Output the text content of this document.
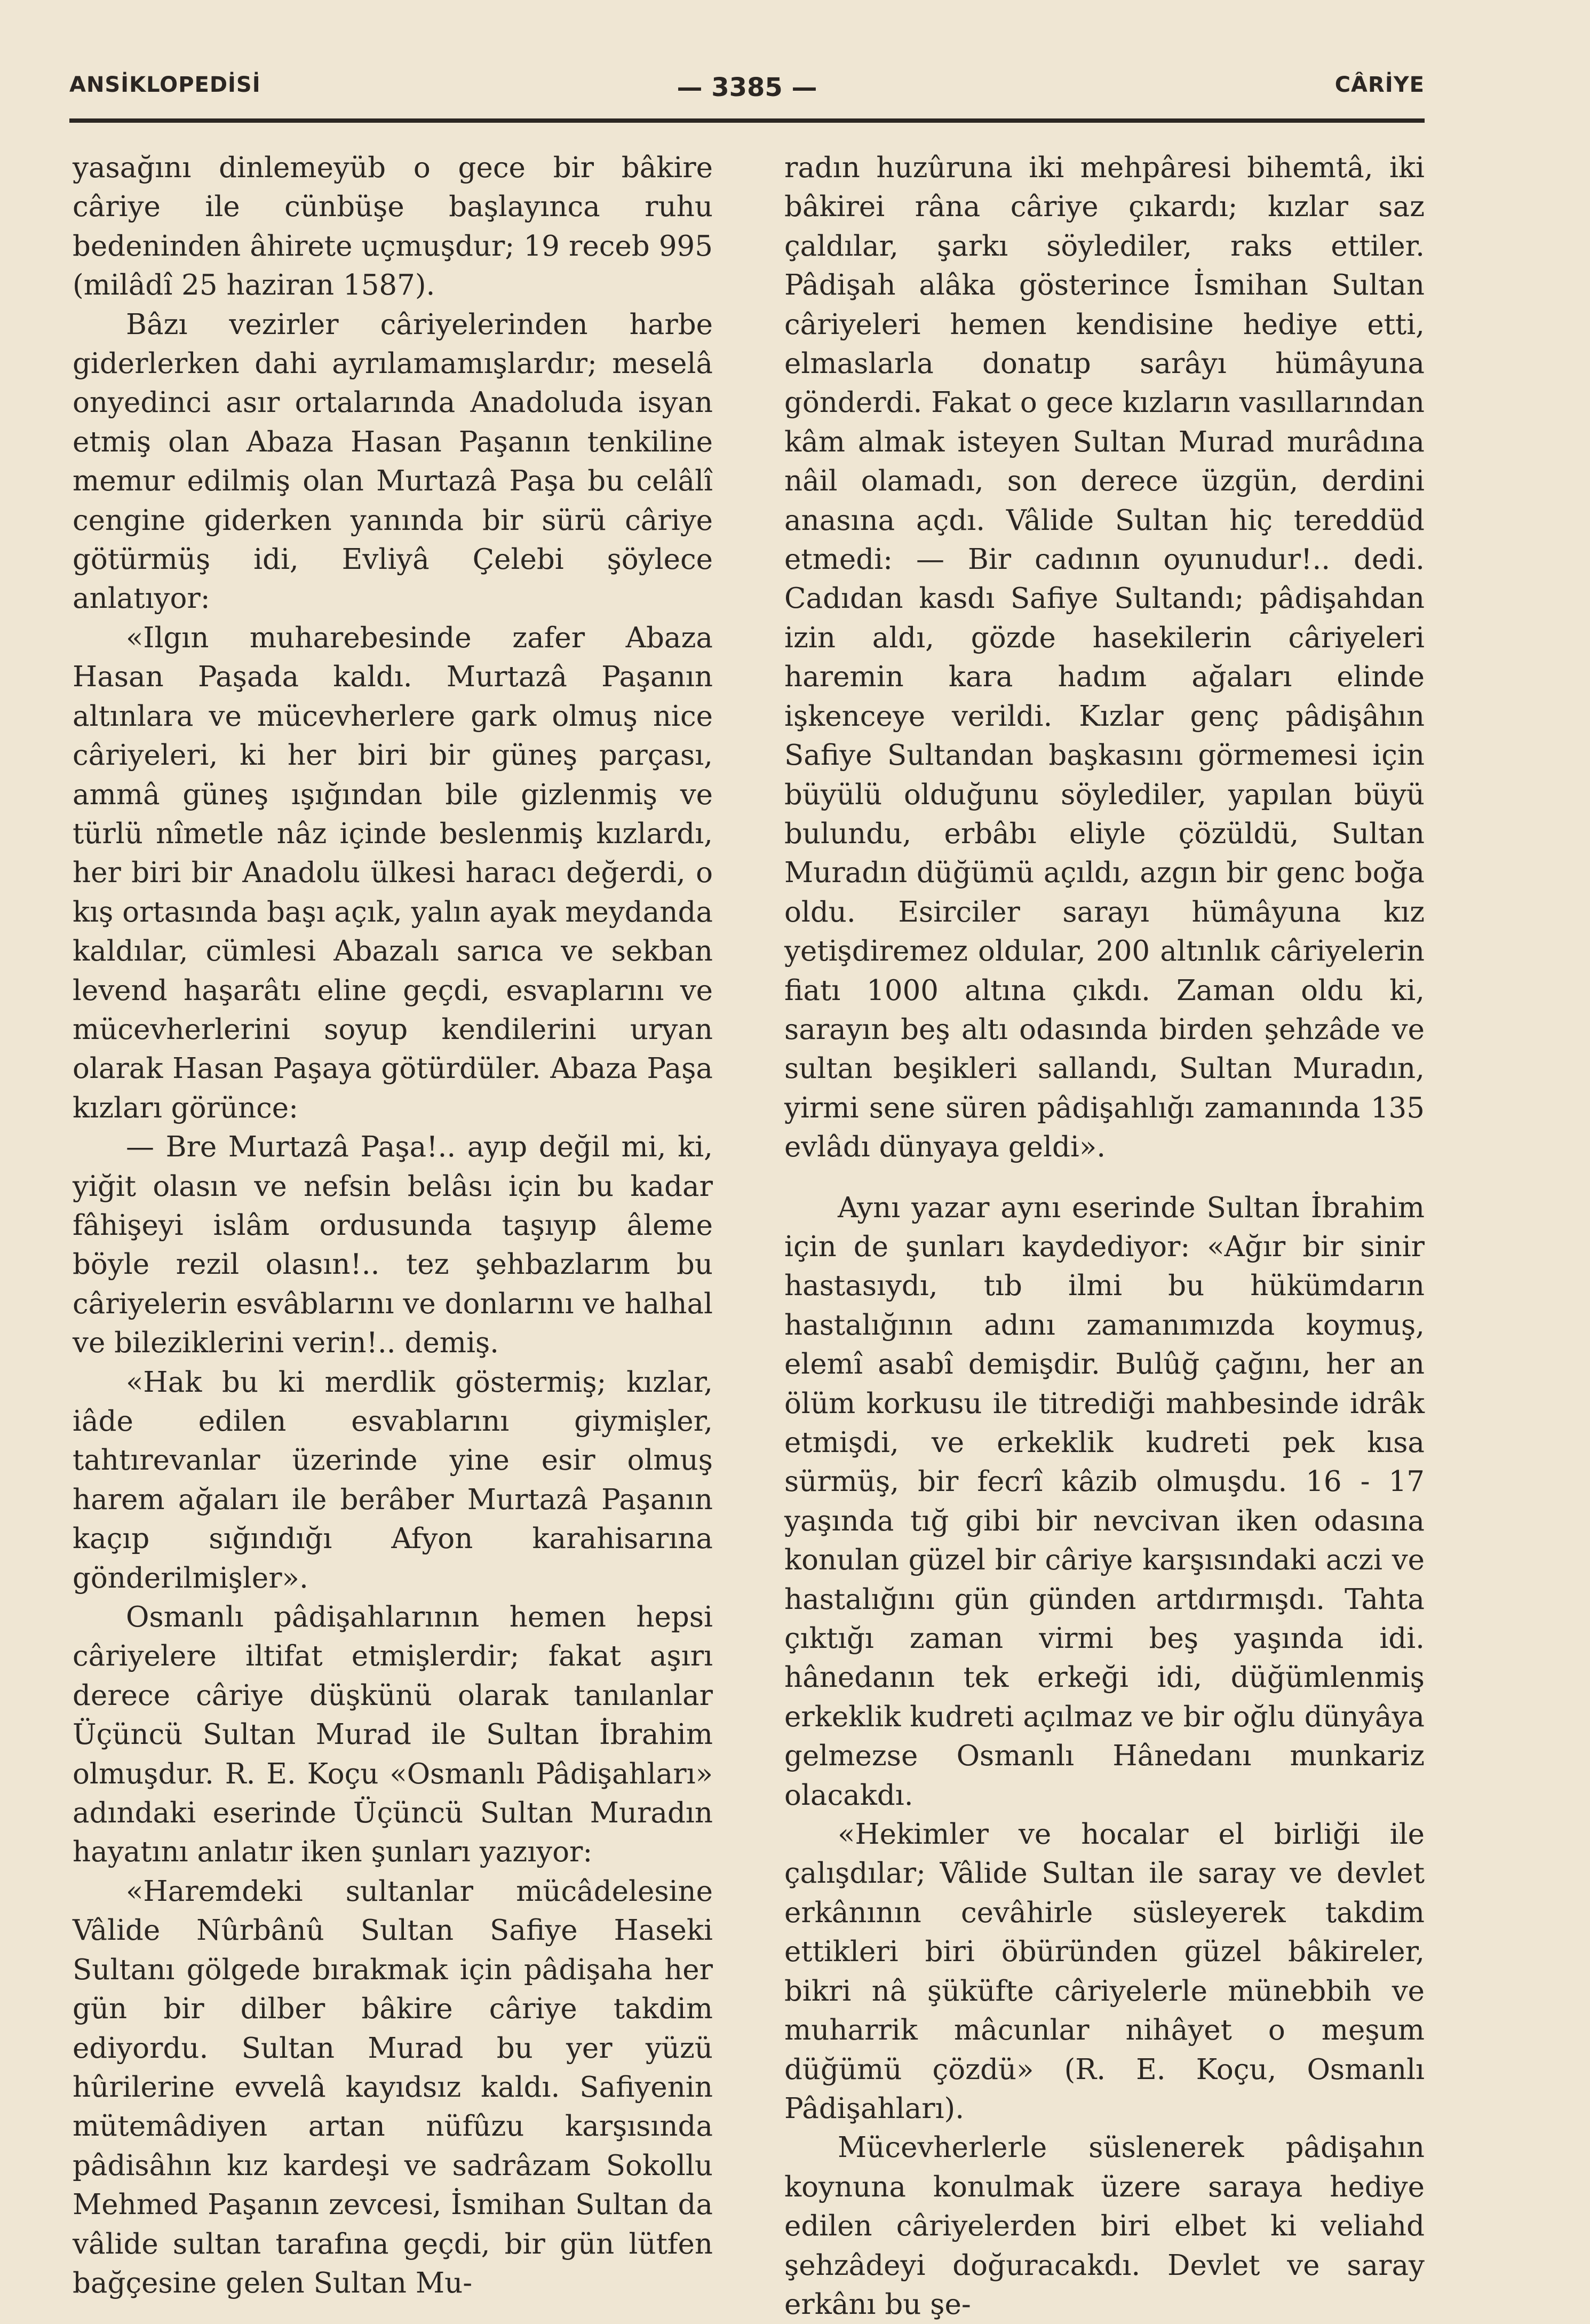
ANSİKLOPEDİSİ	— 3385 —	CÂRİYE

yasağını dinlemeyüb o gece bir bâkire câriye ile cünbüşe başlayınca ruhu bedeninden âhirete uçmuşdur; 19 receb 995 (milâdî 25 haziran 1587).

Bâzı vezirler câriyelerinden harbe giderlerken dahi ayrılamamışlardır; meselâ onyedinci asır ortalarında Anadoluda isyan etmiş olan Abaza Hasan Paşanın tenkiline memur edilmiş olan Murtazâ Paşa bu celâlî cengine giderken yanında bir sürü câriye götürmüş idi, Evliyâ Çelebi şöylece anlatıyor:

«Ilgın muharebesinde zafer Abaza Hasan Paşada kaldı. Murtazâ Paşanın altınlara ve mücevherlere gark olmuş nice câriyeleri, ki her biri bir güneş parçası, ammâ güneş ışığından bile gizlenmiş ve türlü nîmetle nâz içinde beslenmiş kızlardı, her biri bir Anadolu ülkesi haracı değerdi, o kış ortasında başı açık, yalın ayak meydanda kaldılar, cümlesi Abazalı sarıca ve sekban levend haşarâtı eline geçdi, esvaplarını ve mücevherlerini soyup kendilerini uryan olarak Hasan Paşaya götürdüler. Abaza Paşa kızları görünce:

— Bre Murtazâ Paşa!.. ayıp değil mi, ki, yiğit olasın ve nefsin belâsı için bu kadar fâhişeyi islâm ordusunda taşıyıp âleme böyle rezil olasın!.. tez şehbazlarım bu câriyelerin esvâblarını ve donlarını ve halhal ve bileziklerini verin!.. demiş.

«Hak bu ki merdlik göstermiş; kızlar, iâde edilen esvablarını giymişler, tahtırevanlar üzerinde yine esir olmuş harem ağaları ile berâber Murtazâ Paşanın kaçıp sığındığı Afyon karahisarına gönderilmişler».

Osmanlı pâdişahlarının hemen hepsi câriyelere iltifat etmişlerdir; fakat aşırı derece câriye düşkünü olarak tanılanlar Üçüncü Sultan Murad ile Sultan İbrahim olmuşdur. R. E. Koçu «Osmanlı Pâdişahları» adındaki eserinde Üçüncü Sultan Muradın hayatını anlatır iken şunları yazıyor:

«Haremdeki sultanlar mücâdelesine Vâlide Nûrbânû Sultan Safiye Haseki Sultanı gölgede bırakmak için pâdişaha her gün bir dilber bâkire câriye takdim ediyordu. Sultan Murad bu yer yüzü hûrilerine evvelâ kayıdsız kaldı. Safiyenin mütemâdiyen artan nüfûzu karşısında pâdisâhın kız kardeşi ve sadrâzam Sokollu Mehmed Paşanın zevcesi, İsmihan Sultan da vâlide sultan tarafına geçdi, bir gün lütfen bağçesine gelen Sultan Mu-

radın huzûruna iki mehpâresi bihemtâ, iki bâkirei râna câriye çıkardı; kızlar saz çaldılar, şarkı söylediler, raks ettiler. Pâdişah alâka gösterince İsmihan Sultan câriyeleri hemen kendisine hediye etti, elmaslarla donatıp sarâyı hümâyuna gönderdi. Fakat o gece kızların vasıllarından kâm almak isteyen Sultan Murad murâdına nâil olamadı, son derece üzgün, derdini anasına açdı. Vâlide Sultan hiç tereddüd etmedi: — Bir cadının oyunudur!.. dedi. Cadıdan kasdı Safiye Sultandı; pâdişahdan izin aldı, gözde hasekilerin câriyeleri haremin kara hadım ağaları elinde işkenceye verildi. Kızlar genç pâdişâhın Safiye Sultandan başkasını görmemesi için büyülü olduğunu söylediler, yapılan büyü bulundu, erbâbı eliyle çözüldü, Sultan Muradın düğümü açıldı, azgın bir genc boğa oldu. Esirciler sarayı hümâyuna kız yetişdiremez oldular, 200 altınlık câriyelerin fiatı 1000 altına çıkdı. Zaman oldu ki, sarayın beş altı odasında birden şehzâde ve sultan beşikleri sallandı, Sultan Muradın, yirmi sene süren pâdişahlığı zamanında 135 evlâdı dünyaya geldi».

Aynı yazar aynı eserinde Sultan İbrahim için de şunları kaydediyor: «Ağır bir sinir hastasıydı, tıb ilmi bu hükümdarın hastalığının adını zamanımızda koymuş, elemî asabî demişdir. Bulûğ çağını, her an ölüm korkusu ile titrediği mahbesinde idrâk etmişdi, ve erkeklik kudreti pek kısa sürmüş, bir fecrî kâzib olmuşdu. 16 - 17 yaşında tığ gibi bir nevcivan iken odasına konulan güzel bir câriye karşısındaki aczi ve hastalığını gün günden artdırmışdı. Tahta çıktığı zaman virmi beş yaşında idi. hânedanın tek erkeği idi, düğümlenmiş erkeklik kudreti açılmaz ve bir oğlu dünyâya gelmezse Osmanlı Hânedanı munkariz olacakdı.

«Hekimler ve hocalar el birliği ile çalışdılar; Vâlide Sultan ile saray ve devlet erkânının cevâhirle süsleyerek takdim ettikleri biri öbüründen güzel bâkireler, bikri nâ şüküfte câriyelerle münebbih ve muharrik mâcunlar nihâyet o meşum düğümü çözdü» (R. E. Koçu, Osmanlı Pâdişahları).

Mücevherlerle süslenerek pâdişahın koynuna konulmak üzere saraya hediye edilen câriyelerden biri elbet ki veliahd şehzâdeyi doğuracakdı. Devlet ve saray erkânı bu şe-
